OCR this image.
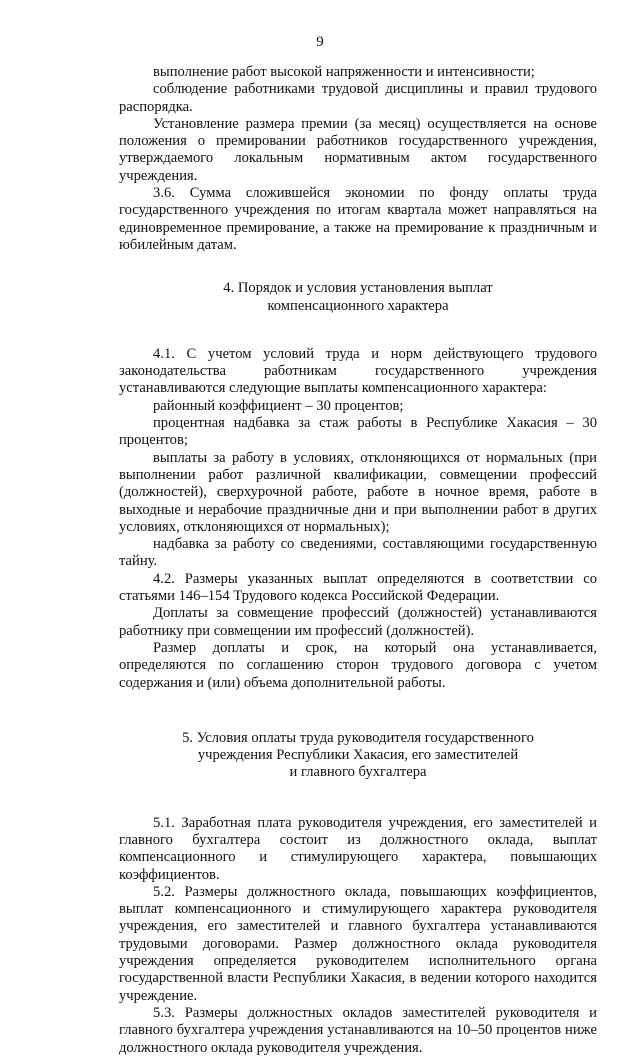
9

выполнение работ высокой напряженности и интенсивности;

соблюдение работниками трудовой дисциплины и правил трудового распорядка.

Установление размера премии (за месяц) осуществляется на основе положения о премировании работников государственного учреждения, утверждаемого локальным нормативным актом государственного учреждения.

3.6. Сумма сложившейся экономии по фонду оплаты труда государственного учреждения по итогам квартала может направляться на единовременное премирование, а также на премирование к праздничным и юбилейным датам.

4. Порядок и условия установления выплат
компенсационного характера

4.1. С учетом условий труда и норм действующего трудового законодательства работникам государственного учреждения устанавливаются следующие выплаты компенсационного характера:

районный коэффициент – 30 процентов;

процентная надбавка за стаж работы в Республике Хакасия – 30 процентов;

выплаты за работу в условиях, отклоняющихся от нормальных (при выполнении работ различной квалификации, совмещении профессий (должностей), сверхурочной работе, работе в ночное время, работе в выходные и нерабочие праздничные дни и при выполнении работ в других условиях, отклоняющихся от нормальных);

надбавка за работу со сведениями, составляющими государственную тайну.

4.2. Размеры указанных выплат определяются в соответствии со статьями 146–154 Трудового кодекса Российской Федерации.

Доплаты за совмещение профессий (должностей) устанавливаются работнику при совмещении им профессий (должностей).

Размер доплаты и срок, на который она устанавливается, определяются по соглашению сторон трудового договора с учетом содержания и (или) объема дополнительной работы.

5. Условия оплаты труда руководителя государственного
учреждения Республики Хакасия, его заместителей
и главного бухгалтера

5.1. Заработная плата руководителя учреждения, его заместителей и главного бухгалтера состоит из должностного оклада, выплат компенсационного и стимулирующего характера, повышающих коэффициентов.

5.2. Размеры должностного оклада, повышающих коэффициентов, выплат компенсационного и стимулирующего характера руководителя учреждения, его заместителей и главного бухгалтера устанавливаются трудовыми договорами. Размер должностного оклада руководителя учреждения определяется руководителем исполнительного органа государственной власти Республики Хакасия, в ведении которого находится учреждение.

5.3. Размеры должностных окладов заместителей руководителя и главного бухгалтера учреждения устанавливаются на 10–50 процентов ниже должностного оклада руководителя учреждения.
